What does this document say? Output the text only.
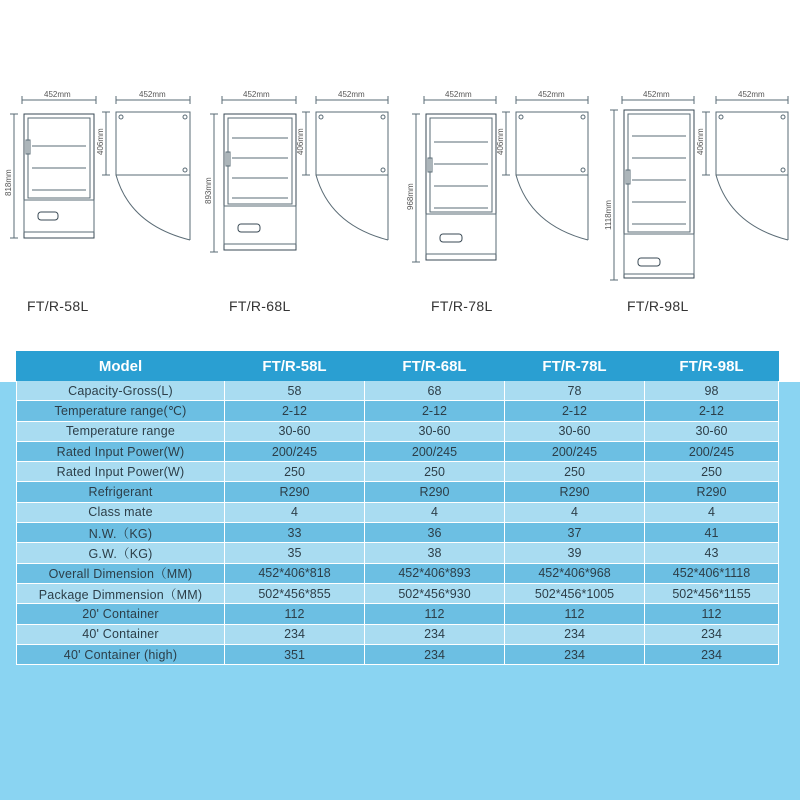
452mm	452mm
818mm
406mm
452mm	452mm
893mm
406mm
452mm	452mm
968mm
406mm
452mm	452mm
1118mm
406mm
FT/R-58L	FT/R-68L	FT/R-78L	FT/R-98L
Model	FT/R-58L	FT/R-68L	FT/R-78L	FT/R-98L
Capacity-Gross(L)	58	68	78	98
Temperature range(℃)	2-12	2-12	2-12	2-12
Temperature range	30-60	30-60	30-60	30-60
Rated Input Power(W)	200/245	200/245	200/245	200/245
Rated Input Power(W)	250	250	250	250
Refrigerant	R290	R290	R290	R290
Class mate	4	4	4	4
N.W.（KG)	33	36	37	41
G.W.（KG)	35	38	39	43
Overall Dimension（MM)	452*406*818	452*406*893	452*406*968	452*406*1118
Package Dimmension（MM)	502*456*855	502*456*930	502*456*1005	502*456*1155
20' Container	112	112	112	112
40' Container	234	234	234	234
40' Container (high)	351	234	234	234
